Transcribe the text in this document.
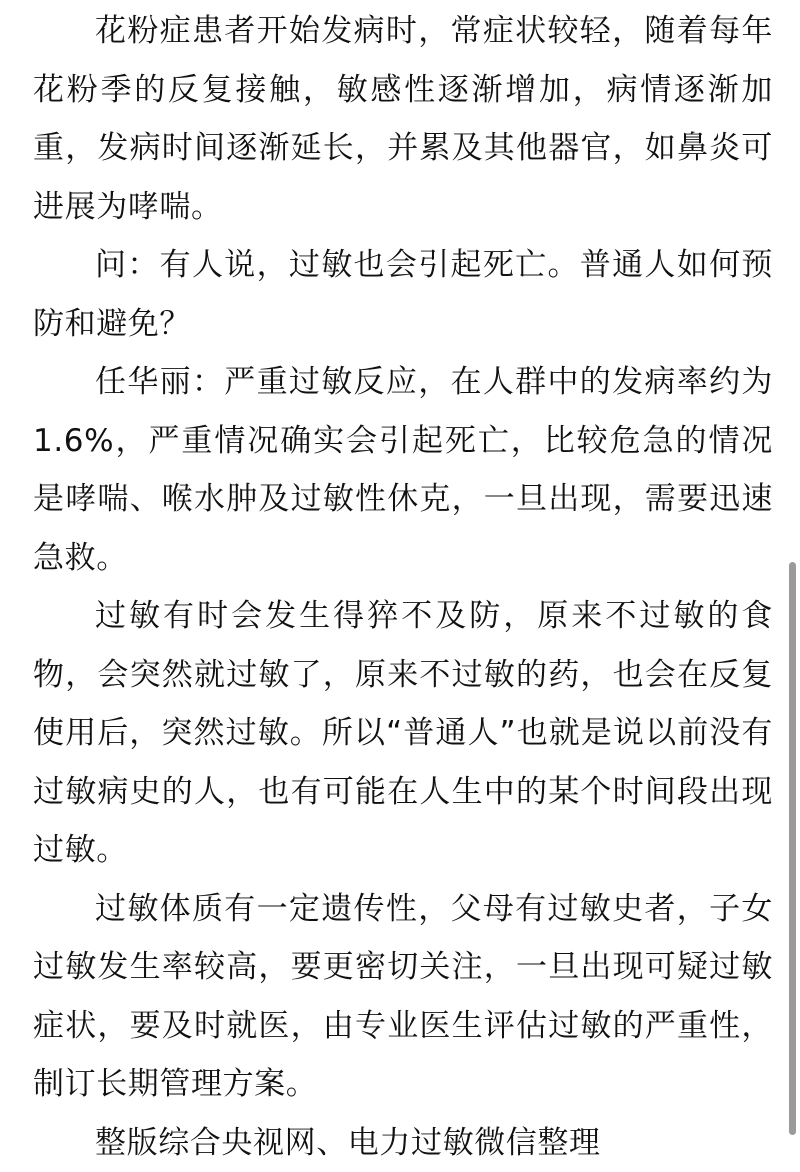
花粉症患者开始发病时，常症状较轻，随着每年花粉季的反复接触，敏感性逐渐增加，病情逐渐加重，发病时间逐渐延长，并累及其他器官，如鼻炎可进展为哮喘。

问：有人说，过敏也会引起死亡。普通人如何预防和避免？

任华丽：严重过敏反应，在人群中的发病率约为1.6%，严重情况确实会引起死亡，比较危急的情况是哮喘、喉水肿及过敏性休克，一旦出现，需要迅速急救。

过敏有时会发生得猝不及防，原来不过敏的食物，会突然就过敏了，原来不过敏的药，也会在反复使用后，突然过敏。所以“普通人”也就是说以前没有过敏病史的人，也有可能在人生中的某个时间段出现过敏。

过敏体质有一定遗传性，父母有过敏史者，子女过敏发生率较高，要更密切关注，一旦出现可疑过敏症状，要及时就医，由专业医生评估过敏的严重性，制订长期管理方案。

整版综合央视网、电力过敏微信整理
